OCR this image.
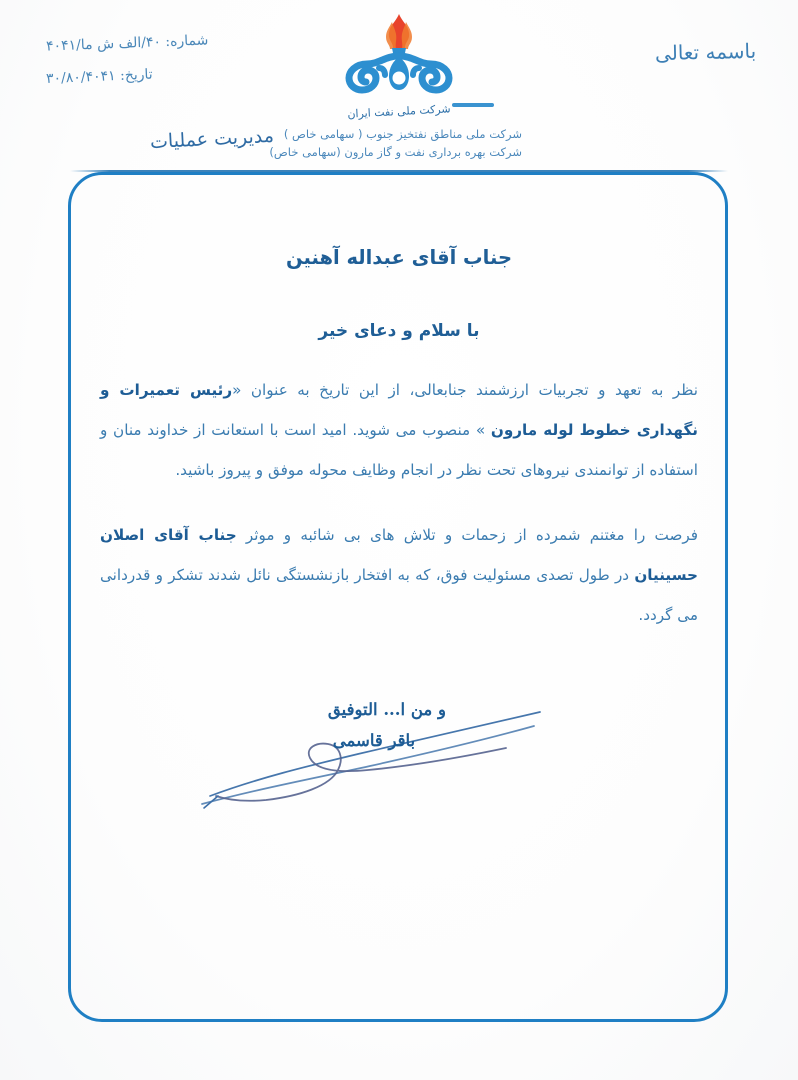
باسمه تعالی
شماره: ۰۴/الف ش ما/۱۴۰۴
تاریخ: ۱۴۰۴/۰۸/۰۳
شرکت ملی نفت ایران
شرکت ملی مناطق نفتخیز جنوب ( سهامی خاص )
شرکت بهره برداری نفت و گاز مارون (سهامی خاص)
مدیریت عملیات
جناب آقای عبداله آهنین
با سلام و دعای خیر

نظر به تعهد و تجربیات ارزشمند جنابعالی، از این تاریخ به عنوان «رئیس تعمیرات و نگهداری خطوط لوله مارون » منصوب می شوید. امید است با استعانت از خداوند منان و استفاده از توانمندی نیروهای تحت نظر در انجام وظایف محوله موفق و پیروز باشید.

فرصت را مغتنم شمرده از زحمات و تلاش های بی شائبه و موثر جناب آقای اصلان حسینیان در طول تصدی مسئولیت فوق، که به افتخار بازنشستگی نائل شدند تشکر و قدردانی می گردد.

و من ا... التوفیق
باقر قاسمی
